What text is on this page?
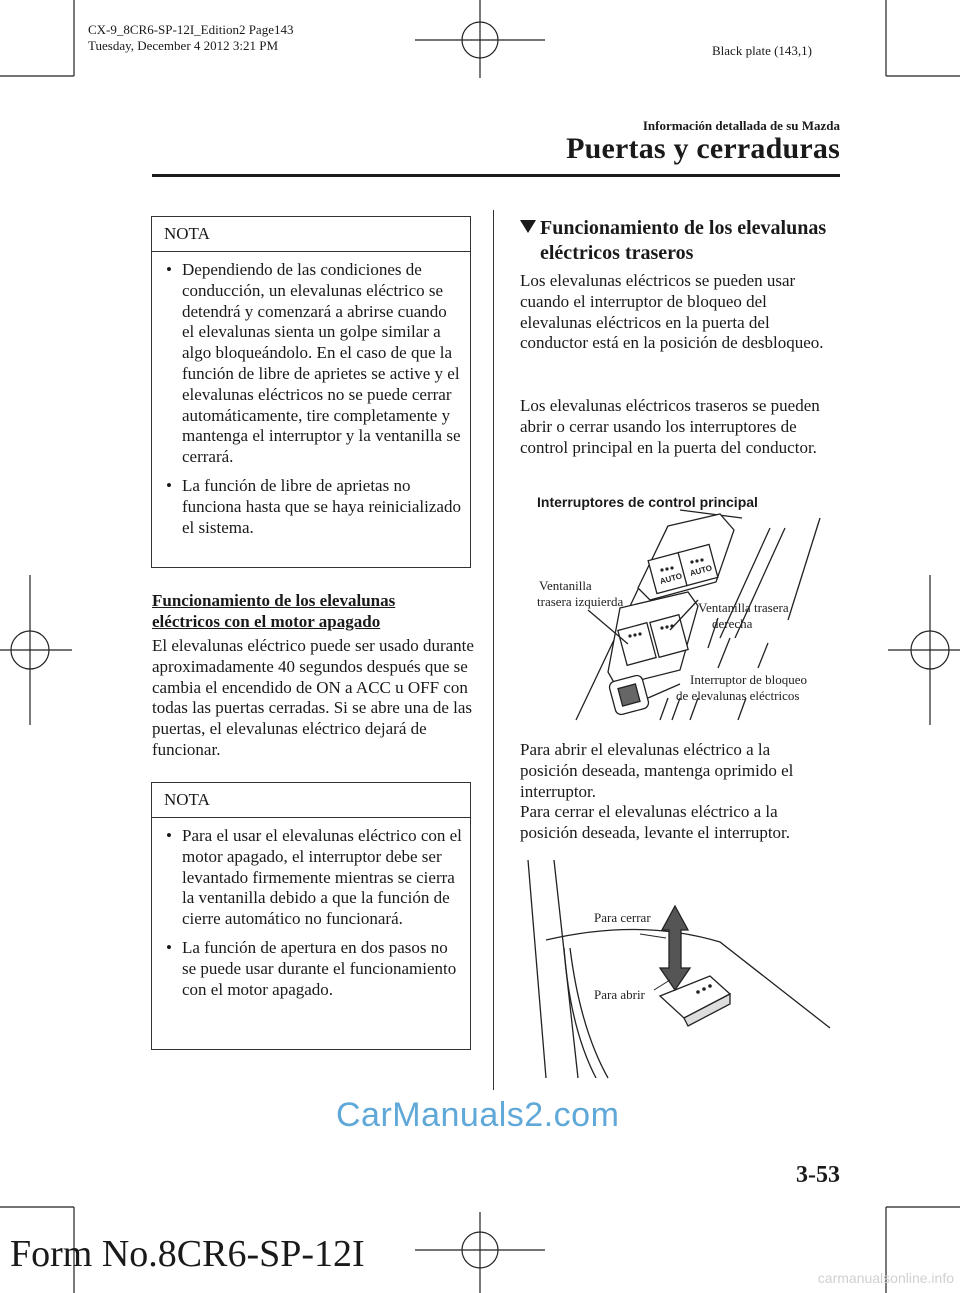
CX-9_8CR6-SP-12I_Edition2 Page143
Tuesday, December 4 2012 3:21 PM	Black plate (143,1)
Información detallada de su Mazda
Puertas y cerraduras
NOTA
• Dependiendo de las condiciones de conducción, un elevalunas eléctrico se detendrá y comenzará a abrirse cuando el elevalunas sienta un golpe similar a algo bloqueándolo. En el caso de que la función de libre de aprietes se active y el elevalunas eléctricos no se puede cerrar automáticamente, tire completamente y mantenga el interruptor y la ventanilla se cerrará.
• La función de libre de aprietas no funciona hasta que se haya reinicializado el sistema.
Funcionamiento de los elevalunas eléctricos con el motor apagado
El elevalunas eléctrico puede ser usado durante aproximadamente 40 segundos después que se cambia el encendido de ON a ACC u OFF con todas las puertas cerradas. Si se abre una de las puertas, el elevalunas eléctrico dejará de funcionar.
NOTA
• Para el usar el elevalunas eléctrico con el motor apagado, el interruptor debe ser levantado firmemente mientras se cierra la ventanilla debido a que la función de cierre automático no funcionará.
• La función de apertura en dos pasos no se puede usar durante el funcionamiento con el motor apagado.
Funcionamiento de los elevalunas
eléctricos traseros
Los elevalunas eléctricos se pueden usar cuando el interruptor de bloqueo del elevalunas eléctricos en la puerta del conductor está en la posición de desbloqueo.
Los elevalunas eléctricos traseros se pueden abrir o cerrar usando los interruptores de control principal en la puerta del conductor.
Interruptores de control principal
AUTO
AUTO
Ventanilla
trasera izquierda	Ventanilla trasera
derecha
Interruptor de bloqueo
de elevalunas eléctricos
Para abrir el elevalunas eléctrico a la
posición deseada, mantenga oprimido el
interruptor.
Para cerrar el elevalunas eléctrico a la
posición deseada, levante el interruptor.
Para cerrar
Para abrir
CarManuals2.com
3-53
Form No.8CR6-SP-12I
carmanualsonline.info
